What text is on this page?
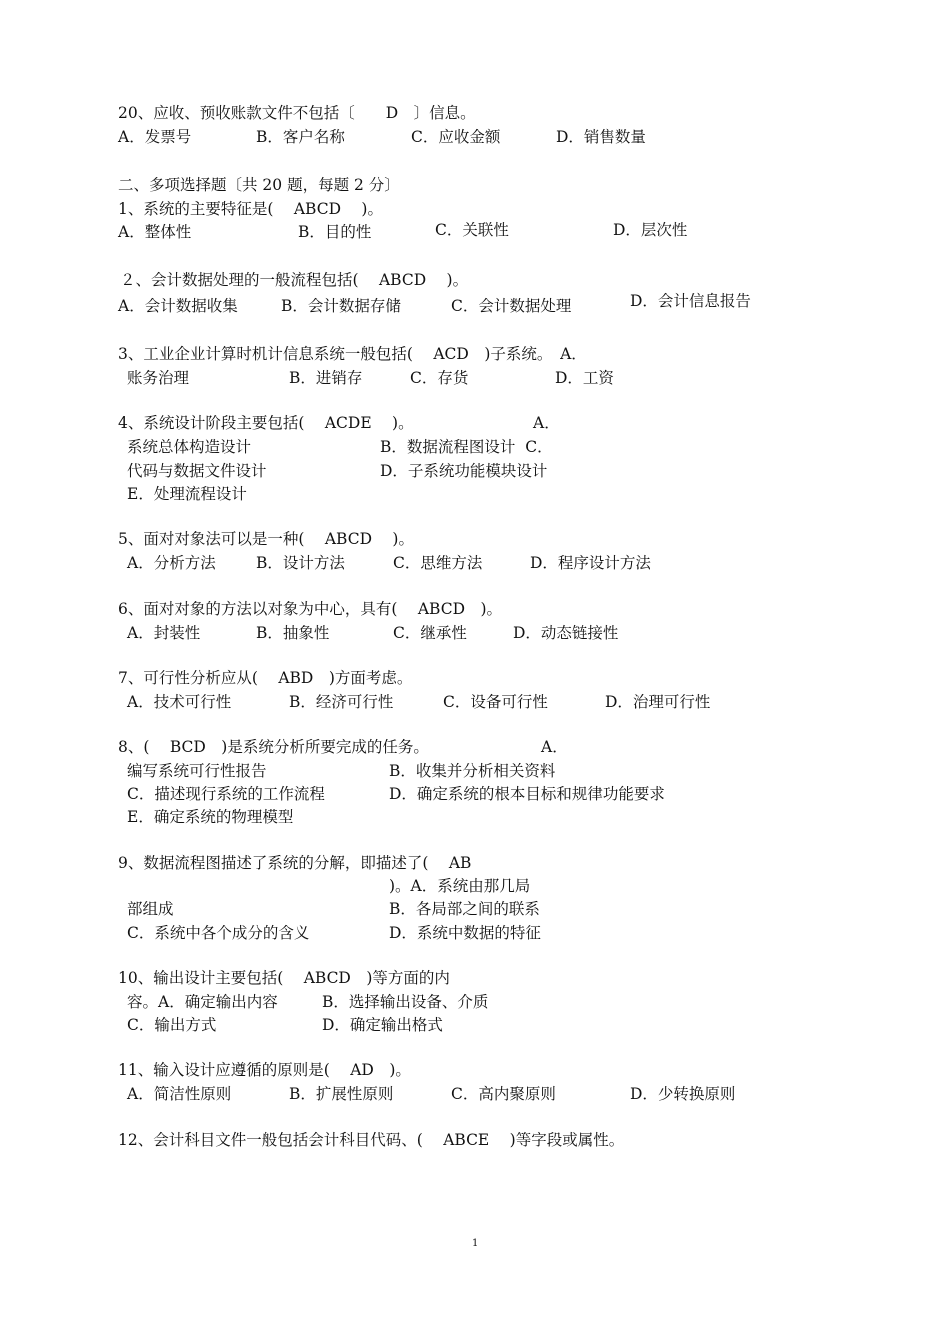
20、应收、预收账款文件不包括〔　　D　〕信息。
A．发票号	B．客户名称	C．应收金额	D．销售数量
二、多项选择题〔共 20 题，每题 2 分〕
1、系统的主要特征是(　 ABCD　 )。
A．整体性	B．目的性	C．关联性	D．层次性
２、会计数据处理的一般流程包括(　 ABCD　 )。
A．会计数据收集	B．会计数据存储	C．会计数据处理	D．会计信息报告
3、工业企业计算时机计信息系统一般包括(　 ACD　)子系统。　A．
账务治理	B．进销存	C．存货	D．工资
4、系统设计阶段主要包括(　 ACDE　 )。	A．
系统总体构造设计	B．数据流程图设计  C．
代码与数据文件设计	D．子系统功能模块设计
E．处理流程设计
5、面对对象法可以是一种(　 ABCD　 )。
A．分析方法	B．设计方法	C．思维方法	D．程序设计方法
6、面对对象的方法以对象为中心，具有(　 ABCD　)。
A．封装性	B．抽象性	C．继承性	D．动态链接性
7、可行性分析应从(　 ABD　)方面考虑。
A．技术可行性	B．经济可行性	C．设备可行性	D．治理可行性
8、(　 BCD　)是系统分析所要完成的任务。	A．
编写系统可行性报告	B．收集并分析相关资料
C．描述现行系统的工作流程	D．确定系统的根本目标和规律功能要求
E．确定系统的物理模型
9、数据流程图描述了系统的分解，即描述了(　 AB
)。A．系统由那几局
部组成	B．各局部之间的联系
C．系统中各个成分的含义	D．系统中数据的特征
10、输出设计主要包括(　 ABCD　)等方面的内
容。A．确定输出内容	B．选择输出设备、介质
C．输出方式	D．确定输出格式
11、输入设计应遵循的原则是(　 AD　)。
A．简洁性原则	B．扩展性原则	C．高内聚原则	D．少转换原则
12、会计科目文件一般包括会计科目代码、(　 ABCE　 )等字段或属性。
1
